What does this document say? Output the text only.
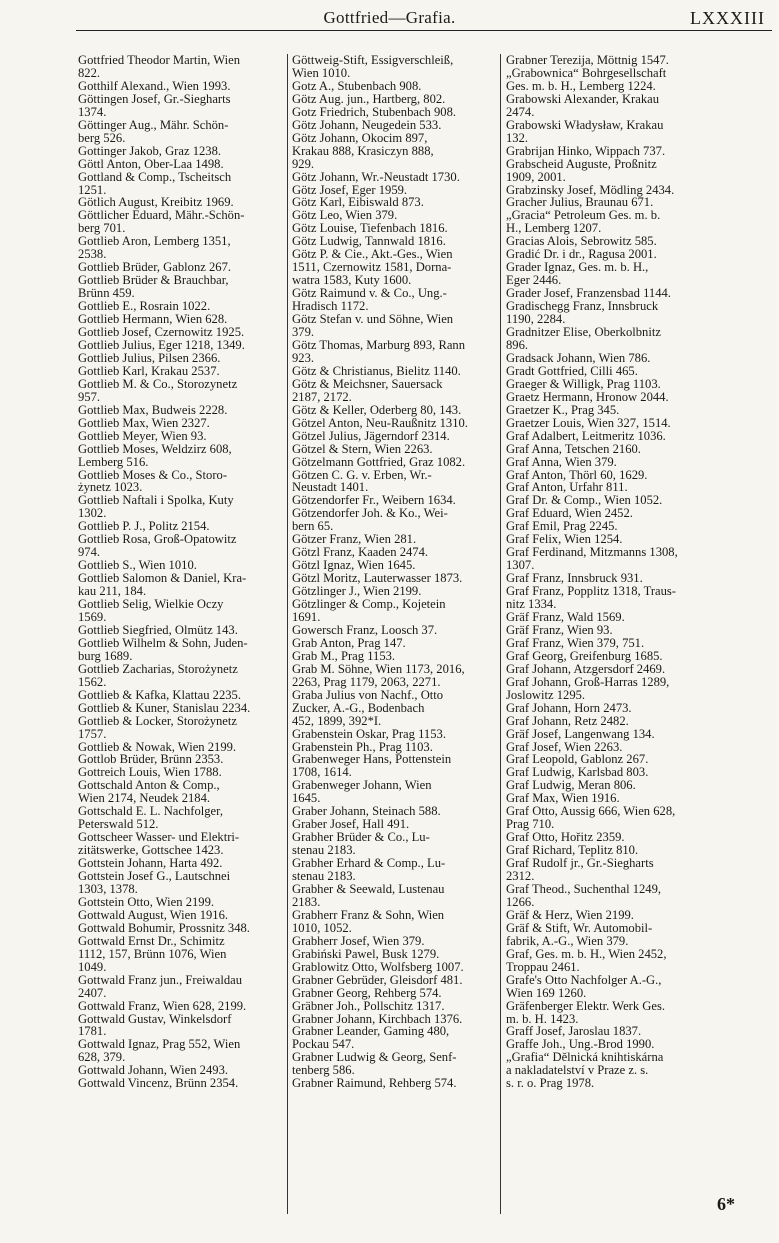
Gottfried—Grafia.	LXXXIII
Gottfried Theodor Martin, Wien
822.
Gotthilf Alexand., Wien 1993.
Göttingen Josef, Gr.-Siegharts
1374.
Göttinger Aug., Mähr. Schön-
berg 526.
Gottinger Jakob, Graz 1238.
Göttl Anton, Ober-Laa 1498.
Gottland & Comp., Tscheitsch
1251.
Götlich August, Kreibitz 1969.
Göttlicher Eduard, Mähr.-Schön-
berg 701.
Gottlieb Aron, Lemberg 1351,
2538.
Gottlieb Brüder, Gablonz 267.
Gottlieb Brüder & Brauchbar,
Brünn 459.
Gottlieb E., Rosrain 1022.
Gottlieb Hermann, Wien 628.
Gottlieb Josef, Czernowitz 1925.
Gottlieb Julius, Eger 1218, 1349.
Gottlieb Julius, Pilsen 2366.
Gottlieb Karl, Krakau 2537.
Gottlieb M. & Co., Storozynetz
957.
Gottlieb Max, Budweis 2228.
Gottlieb Max, Wien 2327.
Gottlieb Meyer, Wien 93.
Gottlieb Moses, Weldzirz 608,
Lemberg 516.
Gottlieb Moses & Co., Storo-
żynetz 1023.
Gottlieb Naftali i Spolka, Kuty
1302.
Gottlieb P. J., Politz 2154.
Gottlieb Rosa, Groß-Opatowitz
974.
Gottlieb S., Wien 1010.
Gottlieb Salomon & Daniel, Kra-
kau 211, 184.
Gottlieb Selig, Wielkie Oczy
1569.
Gottlieb Siegfried, Olmütz 143.
Gottlieb Wilhelm & Sohn, Juden-
burg 1689.
Gottlieb Zacharias, Storożynetz
1562.
Gottlieb & Kafka, Klattau 2235.
Gottlieb & Kuner, Stanislau 2234.
Gottlieb & Locker, Storożynetz
1757.
Gottlieb & Nowak, Wien 2199.
Gottlob Brüder, Brünn 2353.
Gottreich Louis, Wien 1788.
Gottschald Anton & Comp.,
Wien 2174, Neudek 2184.
Gottschald E. L. Nachfolger,
Peterswald 512.
Gottscheer Wasser- und Elektri-
zitätswerke, Gottschee 1423.
Gottstein Johann, Harta 492.
Gottstein Josef G., Lautschnei
1303, 1378.
Gottstein Otto, Wien 2199.
Gottwald August, Wien 1916.
Gottwald Bohumir, Prossnitz 348.
Gottwald Ernst Dr., Schimitz
1112, 157, Brünn 1076, Wien
1049.
Gottwald Franz jun., Freiwaldau
2407.
Gottwald Franz, Wien 628, 2199.
Gottwald Gustav, Winkelsdorf
1781.
Gottwald Ignaz, Prag 552, Wien
628, 379.
Gottwald Johann, Wien 2493.
Gottwald Vincenz, Brünn 2354.
Göttweig-Stift, Essigverschleiß,
Wien 1010.
Gotz A., Stubenbach 908.
Götz Aug. jun., Hartberg, 802.
Gotz Friedrich, Stubenbach 908.
Götz Johann, Neugedein 533.
Götz Johann, Okocim 897,
Krakau 888, Krasiczyn 888,
929.
Götz Johann, Wr.-Neustadt 1730.
Götz Josef, Eger 1959.
Götz Karl, Eibiswald 873.
Götz Leo, Wien 379.
Götz Louise, Tiefenbach 1816.
Götz Ludwig, Tannwald 1816.
Götz P. & Cie., Akt.-Ges., Wien
1511, Czernowitz 1581, Dorna-
watra 1583, Kuty 1600.
Götz Raimund v. & Co., Ung.-
Hradisch 1172.
Götz Stefan v. und Söhne, Wien
379.
Götz Thomas, Marburg 893, Rann
923.
Götz & Christianus, Bielitz 1140.
Götz & Meichsner, Sauersack
2187, 2172.
Götz & Keller, Oderberg 80, 143.
Götzel Anton, Neu-Raußnitz 1310.
Götzel Julius, Jägerndorf 2314.
Götzel & Stern, Wien 2263.
Götzelmann Gottfried, Graz 1082.
Götzen C. G. v. Erben, Wr.-
Neustadt 1401.
Götzendorfer Fr., Weibern 1634.
Götzendorfer Joh. & Ko., Wei-
bern 65.
Götzer Franz, Wien 281.
Götzl Franz, Kaaden 2474.
Götzl Ignaz, Wien 1645.
Götzl Moritz, Lauterwasser 1873.
Götzlinger J., Wien 2199.
Götzlinger & Comp., Kojetein
1691.
Gowersch Franz, Loosch 37.
Grab Anton, Prag 147.
Grab M., Prag 1153.
Grab M. Söhne, Wien 1173, 2016,
2263, Prag 1179, 2063, 2271.
Graba Julius von Nachf., Otto
Zucker, A.-G., Bodenbach
452, 1899, 392*I.
Grabenstein Oskar, Prag 1153.
Grabenstein Ph., Prag 1103.
Grabenweger Hans, Pottenstein
1708, 1614.
Grabenweger Johann, Wien
1645.
Graber Johann, Steinach 588.
Graber Josef, Hall 491.
Grabher Brüder & Co., Lu-
stenau 2183.
Grabher Erhard & Comp., Lu-
stenau 2183.
Grabher & Seewald, Lustenau
2183.
Grabherr Franz & Sohn, Wien
1010, 1052.
Grabherr Josef, Wien 379.
Grabiński Pawel, Busk 1279.
Grablowitz Otto, Wolfsberg 1007.
Grabner Gebrüder, Gleisdorf 481.
Grabner Georg, Rehberg 574.
Gräbner Joh., Pollschitz 1317.
Grabner Johann, Kirchbach 1376.
Grabner Leander, Gaming 480,
Pockau 547.
Grabner Ludwig & Georg, Senf-
tenberg 586.
Grabner Raimund, Rehberg 574.
Grabner Terezija, Möttnig 1547.
„Grabownica“ Bohrgesellschaft
Ges. m. b. H., Lemberg 1224.
Grabowski Alexander, Krakau
2474.
Grabowski Władysław, Krakau
132.
Grabrijan Hinko, Wippach 737.
Grabscheid Auguste, Proßnitz
1909, 2001.
Grabzinsky Josef, Mödling 2434.
Gracher Julius, Braunau 671.
„Gracia“ Petroleum Ges. m. b.
H., Lemberg 1207.
Gracias Alois, Sebrowitz 585.
Gradić Dr. i dr., Ragusa 2001.
Grader Ignaz, Ges. m. b. H.,
Eger 2446.
Grader Josef, Franzensbad 1144.
Gradischegg Franz, Innsbruck
1190, 2284.
Gradnitzer Elise, Oberkolbnitz
896.
Gradsack Johann, Wien 786.
Gradt Gottfried, Cilli 465.
Graeger & Willigk, Prag 1103.
Graetz Hermann, Hronow 2044.
Graetzer K., Prag 345.
Graetzer Louis, Wien 327, 1514.
Graf Adalbert, Leitmeritz 1036.
Graf Anna, Tetschen 2160.
Graf Anna, Wien 379.
Graf Anton, Thörl 60, 1629.
Graf Anton, Urfahr 811.
Graf Dr. & Comp., Wien 1052.
Graf Eduard, Wien 2452.
Graf Emil, Prag 2245.
Graf Felix, Wien 1254.
Graf Ferdinand, Mitzmanns 1308,
1307.
Graf Franz, Innsbruck 931.
Graf Franz, Popplitz 1318, Traus-
nitz 1334.
Gräf Franz, Wald 1569.
Gräf Franz, Wien 93.
Graf Franz, Wien 379, 751.
Graf Georg, Greifenburg 1685.
Graf Johann, Atzgersdorf 2469.
Graf Johann, Groß-Harras 1289,
Joslowitz 1295.
Graf Johann, Horn 2473.
Graf Johann, Retz 2482.
Gräf Josef, Langenwang 134.
Graf Josef, Wien 2263.
Graf Leopold, Gablonz 267.
Graf Ludwig, Karlsbad 803.
Graf Ludwig, Meran 806.
Graf Max, Wien 1916.
Graf Otto, Aussig 666, Wien 628,
Prag 710.
Graf Otto, Hořitz 2359.
Graf Richard, Teplitz 810.
Graf Rudolf jr., Gr.-Siegharts
2312.
Graf Theod., Suchenthal 1249,
1266.
Gräf & Herz, Wien 2199.
Gräf & Stift, Wr. Automobil-
fabrik, A.-G., Wien 379.
Graf, Ges. m. b. H., Wien 2452,
Troppau 2461.
Grafe's Otto Nachfolger A.-G.,
Wien 169 1260.
Gräfenberger Elektr. Werk Ges.
m. b. H. 1423.
Graff Josef, Jaroslau 1837.
Graffe Joh., Ung.-Brod 1990.
„Grafia“ Dělnická knihtiskárna
a nakladatelství v Praze z. s.
s. r. o. Prag 1978.
6*
